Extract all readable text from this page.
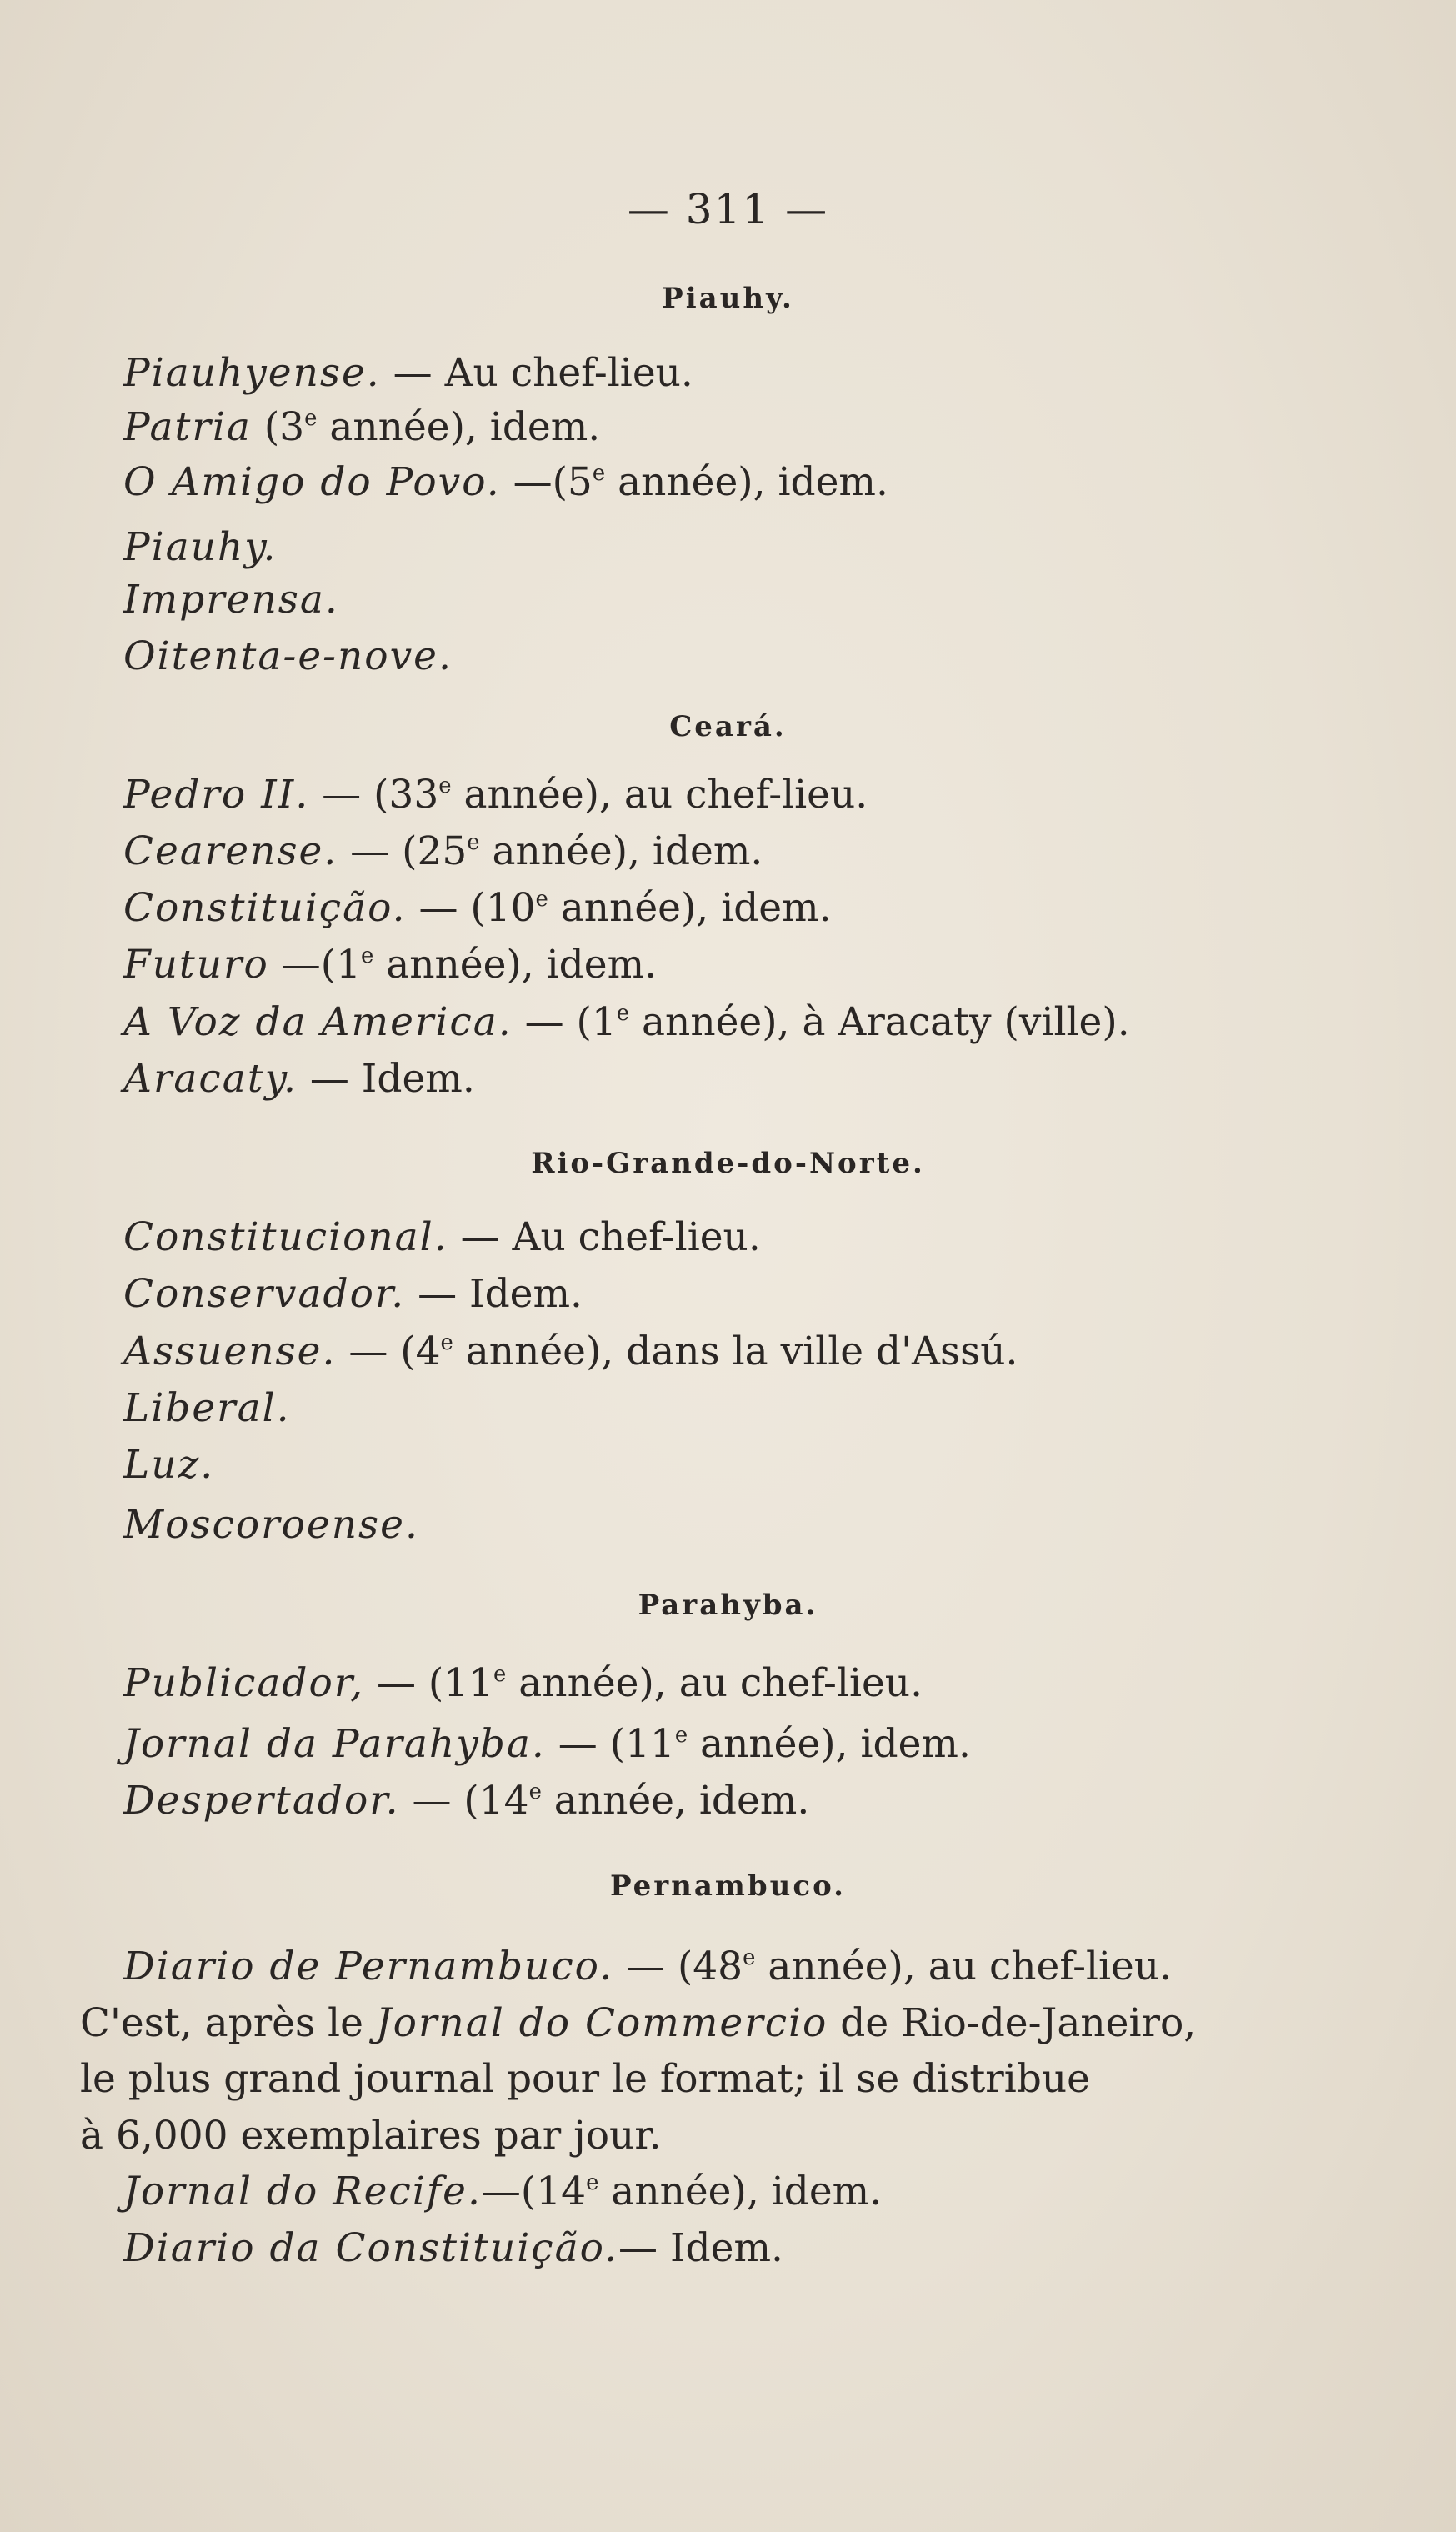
— 311 —
Piauhy.
Piauhyense. — Au chef-lieu.
Patria (3e année), idem.
O Amigo do Povo. —(5e année), idem.
Piauhy.
Imprensa.
Oitenta-e-nove.
Ceará.
Pedro II. — (33e année), au chef-lieu.
Cearense. — (25e année), idem.
Constituição. — (10e année), idem.
Futuro —(1e année), idem.
A Voz da America. — (1e année), à Aracaty (ville).
Aracaty. — Idem.
Rio-Grande-do-Norte.
Constitucional. — Au chef-lieu.
Conservador. — Idem.
Assuense. — (4e année), dans la ville d'Assú.
Liberal.
Luz.
Moscoroense.
Parahyba.
Publicador, — (11e année), au chef-lieu.
Jornal da Parahyba. — (11e année), idem.
Despertador. — (14e année, idem.
Pernambuco.
Diario de Pernambuco. — (48e année), au chef-lieu.
C'est, après le Jornal do Commercio de Rio-de-Janeiro,
le plus grand journal pour le format; il se distribue
à 6,000 exemplaires par jour.
Jornal do Recife.—(14e année), idem.
Diario da Constituição.— Idem.
